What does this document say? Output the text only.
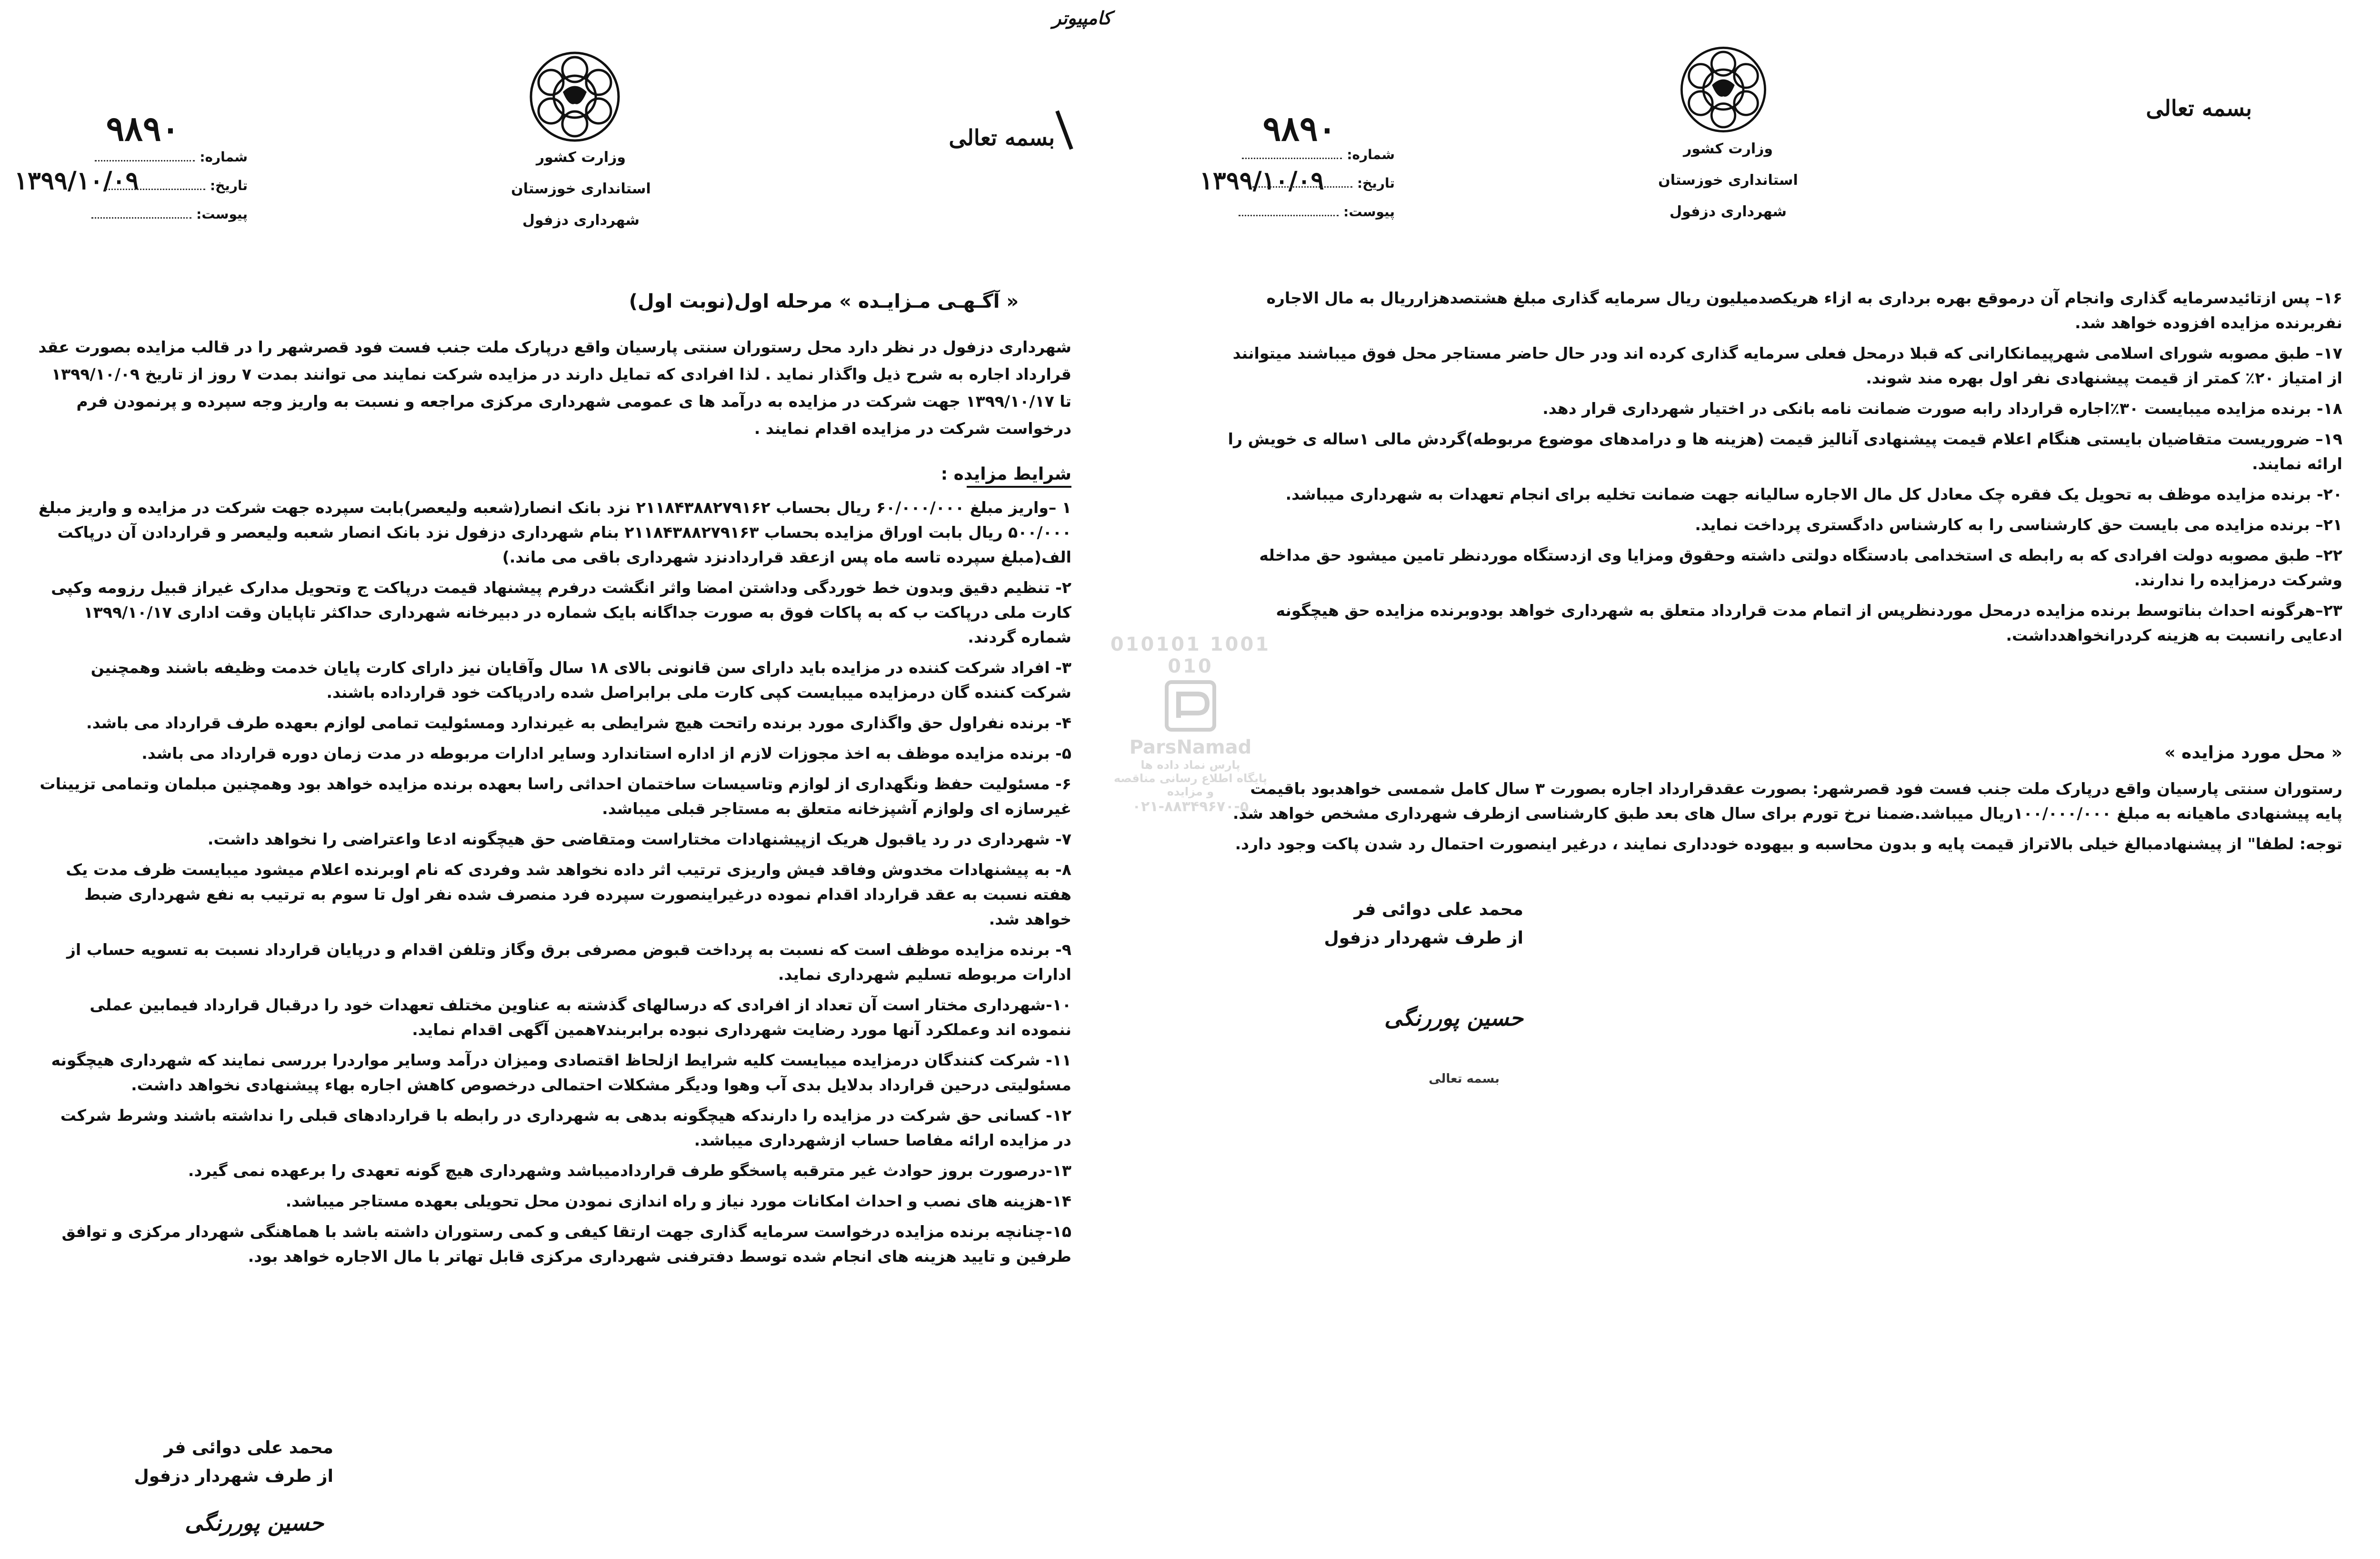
وزارت کشور
استانداری خوزستان
شهرداری دزفول
بسمه تعالی
کامپیوتر
۹۸۹۰
۱۳۹۹/۱۰/۰۹
شماره:
تاریخ:
پیوست:
« آگـهـی مـزایـده » مرحله اول(نوبت اول)
شهرداری دزفول در نظر دارد محل رستوران سنتی پارسیان واقع درپارک ملت جنب فست فود قصرشهر را در قالب مزایده بصورت عقد قرارداد اجاره به شرح ذیل واگذار نماید . لذا افرادی که تمایل دارند در مزایده شرکت نمایند می توانند بمدت ۷ روز از تاریخ ۱۳۹۹/۱۰/۰۹ تا ۱۳۹۹/۱۰/۱۷ جهت شرکت در مزایده به درآمد ها ی عمومی شهرداری مرکزی مراجعه و نسبت به واریز وجه سپرده و پرنمودن فرم درخواست شرکت در مزایده اقدام نمایند .
شرایط مزایده :

۱ –واریز مبلغ ۶۰/۰۰۰/۰۰۰ ریال بحساب ۲۱۱۸۴۳۸۸۲۷۹۱۶۲ نزد بانک انصار(شعبه ولیعصر)بابت سپرده جهت شرکت در مزایده و واریز مبلغ ۵۰۰/۰۰۰ ریال بابت اوراق مزایده بحساب ۲۱۱۸۴۳۸۸۲۷۹۱۶۳ بنام شهرداری دزفول نزد بانک انصار شعبه ولیعصر و قراردادن آن درپاکت الف(مبلغ سپرده تاسه ماه پس ازعقد قراردادنزد شهرداری باقی می ماند.)

۲- تنظیم دقیق وبدون خط خوردگی وداشتن امضا واثر انگشت درفرم پیشنهاد قیمت درپاکت ج وتحویل مدارک غیراز قبیل رزومه وکپی کارت ملی درپاکت ب که به پاکات فوق به صورت جداگانه بایک شماره در دبیرخانه شهرداری حداکثر تاپایان وقت اداری ۱۳۹۹/۱۰/۱۷ شماره گردند.

۳- افراد شرکت کننده در مزایده باید دارای سن قانونی بالای ۱۸ سال وآقایان نیز دارای کارت پایان خدمت وظیفه باشند وهمچنین شرکت کننده گان درمزایده میبایست کپی کارت ملی برابراصل شده رادرپاکت خود قرارداده باشند.

۴- برنده نفراول حق واگذاری مورد برنده راتحت هیچ شرایطی به غیرندارد ومسئولیت تمامی لوازم بعهده طرف قرارداد می باشد.

۵- برنده مزایده موظف به اخذ مجوزات لازم از اداره استاندارد وسایر ادارات مربوطه در مدت زمان دوره قرارداد می باشد.

۶- مسئولیت حفظ ونگهداری از لوازم وتاسیسات ساختمان احداثی راسا بعهده برنده مزایده خواهد بود وهمچنین مبلمان وتمامی تزیینات غیرسازه ای ولوازم آشپزخانه متعلق به مستاجر قبلی میباشد.

۷- شهرداری در رد یاقبول هریک ازپیشنهادات مختاراست ومتقاضی حق هیچگونه ادعا واعتراضی را نخواهد داشت.

۸- به پیشنهادات مخدوش وفاقد فیش واریزی ترتیب اثر داده نخواهد شد وفردی که نام اوبرنده اعلام میشود میبایست ظرف مدت یک هفته نسبت به عقد قرارداد اقدام نموده درغیراینصورت سپرده فرد منصرف شده نفر اول تا سوم به ترتیب به نفع شهرداری ضبط خواهد شد.

۹- برنده مزایده موظف است که نسبت به پرداخت قبوض مصرفی برق وگاز وتلفن اقدام و درپایان قرارداد نسبت به تسویه حساب از ادارات مربوطه تسلیم شهرداری نماید.

۱۰-شهرداری مختار است آن تعداد از افرادی که درسالهای گذشته به عناوین مختلف تعهدات خود را درقبال قرارداد فیمابین عملی ننموده اند وعملکرد آنها مورد رضایت شهرداری نبوده برابربند۷همین آگهی اقدام نماید.

۱۱- شرکت کنندگان درمزایده میبایست کلیه شرایط ازلحاظ اقتصادی ومیزان درآمد وسایر مواردرا بررسی نمایند که شهرداری هیچگونه مسئولیتی درحین قرارداد بدلایل بدی آب وهوا ودیگر مشکلات احتمالی درخصوص کاهش اجاره بهاء پیشنهادی نخواهد داشت.

۱۲- کسانی حق شرکت در مزایده را دارندکه هیچگونه بدهی به شهرداری در رابطه با قراردادهای قبلی را نداشته باشند وشرط شرکت در مزایده ارائه مفاصا حساب ازشهرداری میباشد.

۱۳-درصورت بروز حوادث غیر مترقبه پاسخگو طرف قراردادمیباشد وشهرداری هیچ گونه تعهدی را برعهده نمی گیرد.

۱۴-هزینه های نصب و احداث امکانات مورد نیاز و راه اندازی نمودن محل تحویلی بعهده مستاجر میباشد.

۱۵-چنانچه برنده مزایده درخواست سرمایه گذاری جهت ارتقا کیفی و کمی رستوران داشته باشد با هماهنگی شهردار مرکزی و توافق طرفین و تایید هزینه های انجام شده توسط دفترفنی شهرداری مرکزی قابل تهاتر با مال الاجاره خواهد بود.

محمد علی دوائی فر
از طرف شهردار دزفول
حسین پوررنگی
وزارت کشور
استانداری خوزستان
شهرداری دزفول
بسمه تعالی
۹۸۹۰
۱۳۹۹/۱۰/۰۹
شماره:
تاریخ:
پیوست:

۱۶– پس ازتائیدسرمایه گذاری وانجام آن درموقع بهره برداری به ازاء هریکصدمیلیون ریال سرمایه گذاری مبلغ هشتصدهزارریال به مال الاجاره نفربرنده مزایده افزوده خواهد شد.

۱۷– طبق مصوبه شورای اسلامی شهرپیمانکارانی که قبلا درمحل فعلی سرمایه گذاری کرده اند ودر حال حاضر مستاجر محل فوق میباشند میتوانند از امتیاز ۲۰٪ کمتر از قیمت پیشنهادی نفر اول بهره مند شوند.

۱۸- برنده مزایده میبایست ۳۰٪اجاره قرارداد رابه صورت ضمانت نامه بانکی در اختیار شهرداری قرار دهد.

۱۹– ضروریست متقاضیان بایستی هنگام اعلام قیمت پیشنهادی آنالیز قیمت (هزینه ها و درامدهای موضوع مربوطه)گردش مالی ۱ساله ی خویش را ارائه نمایند.

۲۰- برنده مزایده موظف به تحویل یک فقره چک معادل کل مال الاجاره سالیانه جهت ضمانت تخلیه برای انجام تعهدات به شهرداری میباشد.

۲۱– برنده مزایده می بایست حق کارشناسی را به کارشناس دادگستری پرداخت نماید.

۲۲– طبق مصوبه دولت افرادی که به رابطه ی استخدامی بادستگاه دولتی داشته وحقوق ومزایا وی ازدستگاه موردنظر تامین میشود حق مداخله وشرکت درمزایده را ندارند.

۲۳–هرگونه احداث بناتوسط برنده مزایده درمحل موردنظرپس از اتمام مدت قرارداد متعلق به شهرداری خواهد بودوبرنده مزایده حق هیچگونه ادعایی رانسبت به هزینه کردرانخواهدداشت.

« محل مورد مزایده »

رستوران سنتی پارسیان واقع درپارک ملت جنب فست فود قصرشهر: بصورت عقدقرارداد اجاره بصورت ۳ سال کامل شمسی خواهدبود باقیمت پایه پیشنهادی ماهیانه به مبلغ ۱۰۰/۰۰۰/۰۰۰ریال میباشد.ضمنا نرخ تورم برای سال های بعد طبق کارشناسی ازطرف شهرداری مشخص خواهد شد.

توجه: لطفا" از پیشنهادمبالغ خیلی بالاتراز قیمت پایه و بدون محاسبه و بیهوده خودداری نمایند ، درغیر اینصورت احتمال رد شدن پاکت وجود دارد.

محمد علی دوائی فر
از طرف شهردار دزفول
حسین پوررنگی
بسمه تعالی
010101 1001 010
ParsNamad
پارس نماد داده ها
پایگاه اطلاع رسانی مناقصه و مزایده
۰۲۱-۸۸۳۴۹۶۷۰-۵
